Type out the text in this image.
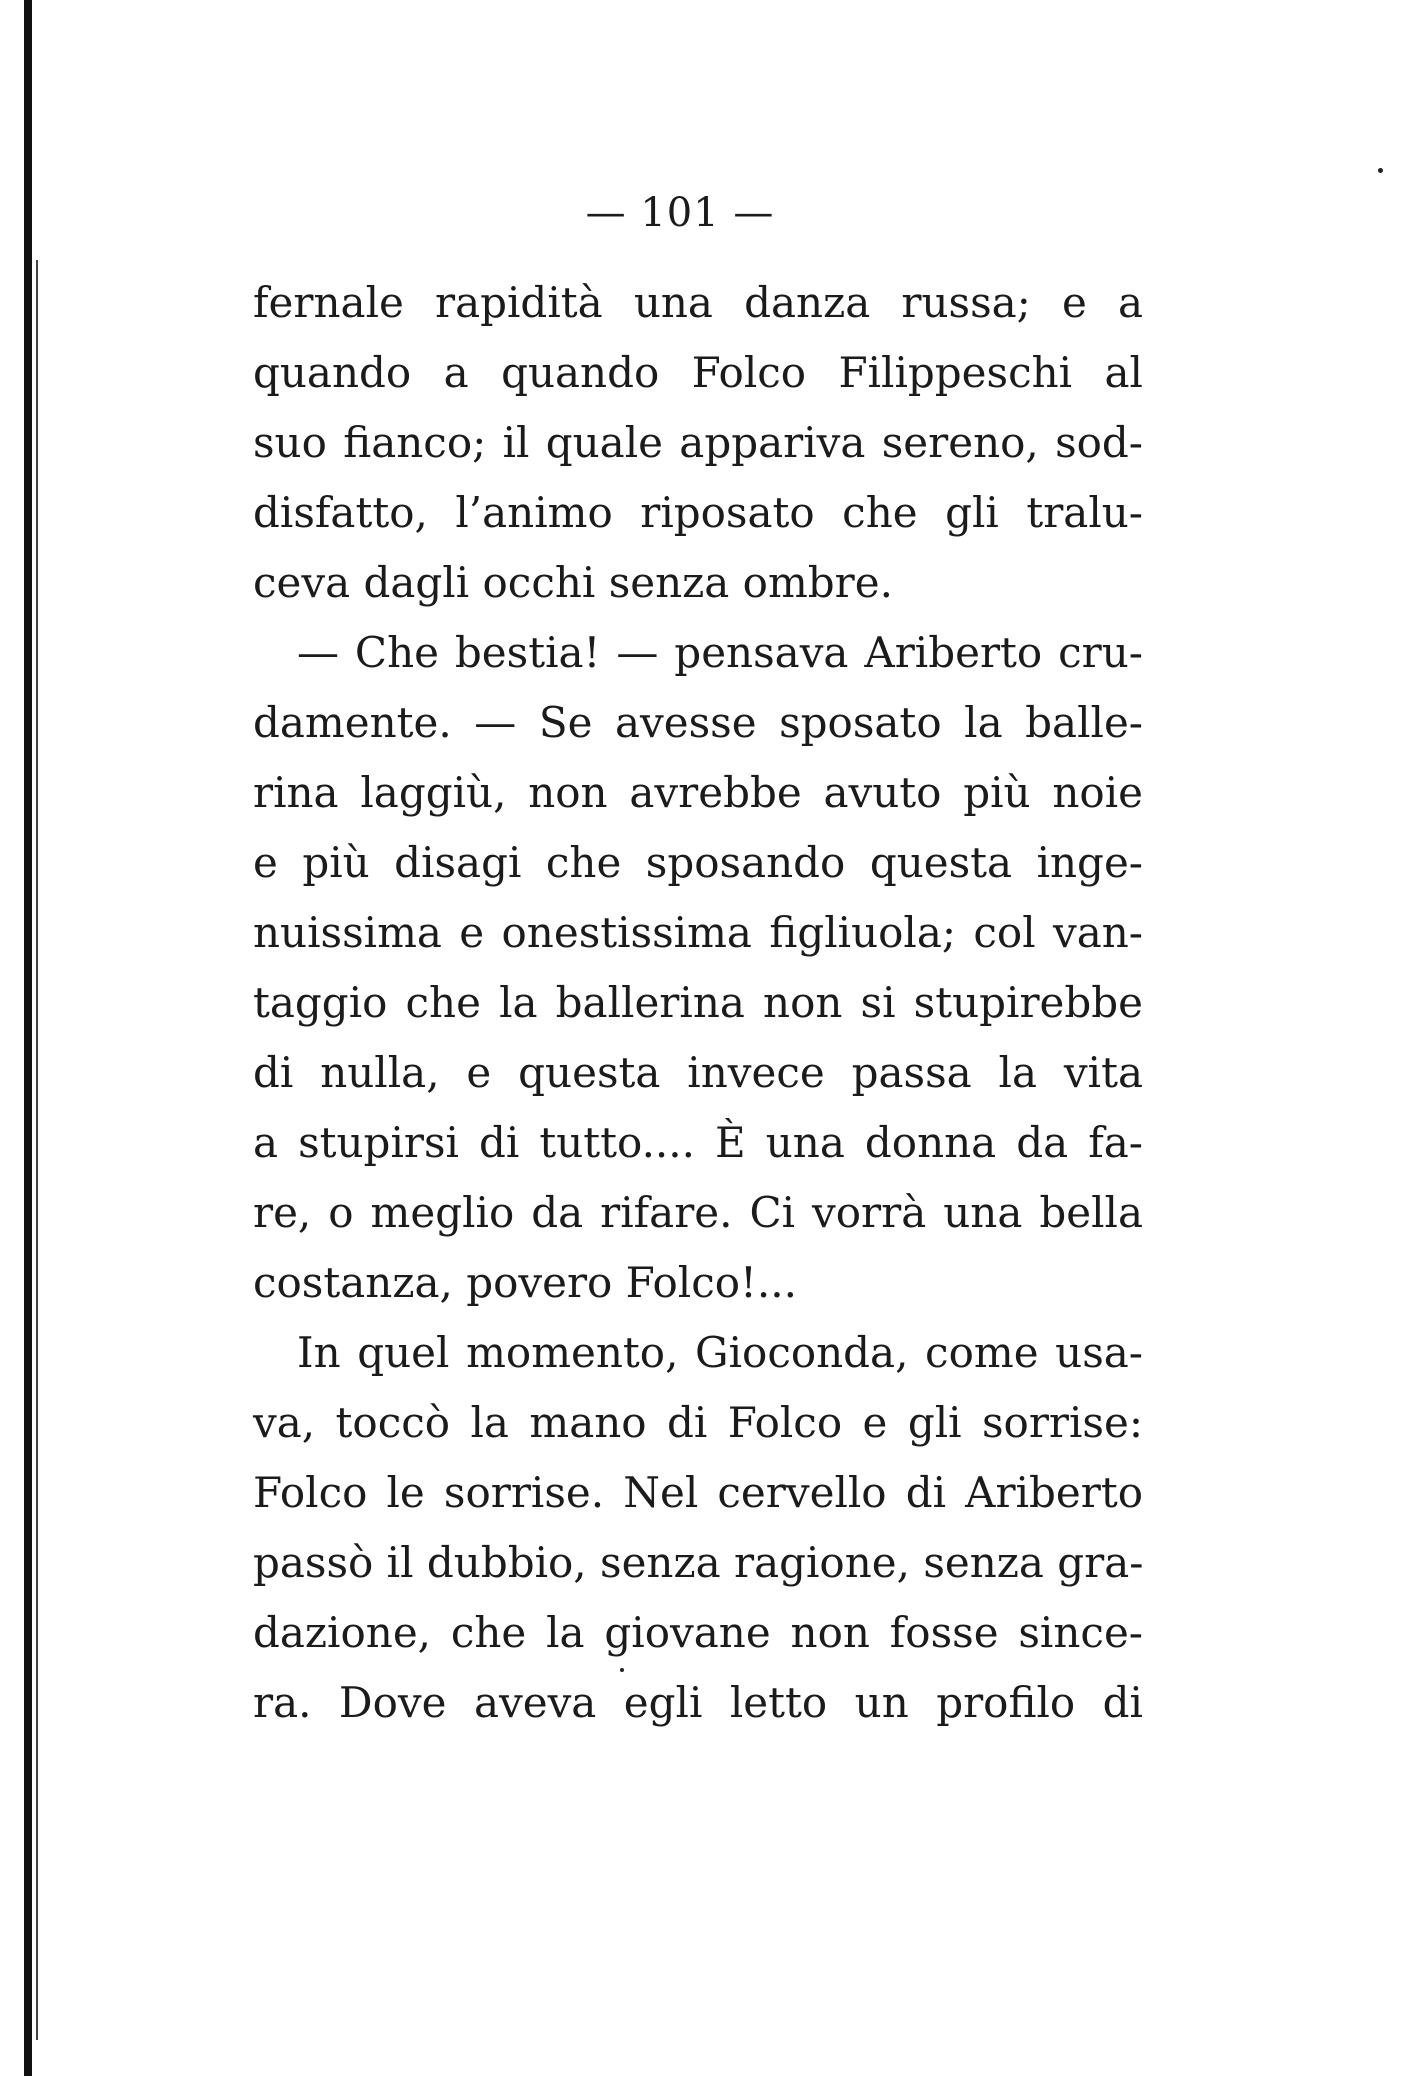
— 101 —
fernale rapidità una danza russa; e a
quando a quando Folco Filippeschi al
suo fianco; il quale appariva sereno, sod-
disfatto, l’animo riposato che gli tralu-
ceva dagli occhi senza ombre.
— Che bestia! — pensava Ariberto cru-
damente. — Se avesse sposato la balle-
rina laggiù, non avrebbe avuto più noie
e più disagi che sposando questa inge-
nuissima e onestissima figliuola; col van-
taggio che la ballerina non si stupirebbe
di nulla, e questa invece passa la vita
a stupirsi di tutto.... È una donna da fa-
re, o meglio da rifare. Ci vorrà una bella
costanza, povero Folco!...
In quel momento, Gioconda, come usa-
va, toccò la mano di Folco e gli sorrise:
Folco le sorrise. Nel cervello di Ariberto
passò il dubbio, senza ragione, senza gra-
dazione, che la giovane non fosse since-
ra. Dove aveva egli letto un profilo di
